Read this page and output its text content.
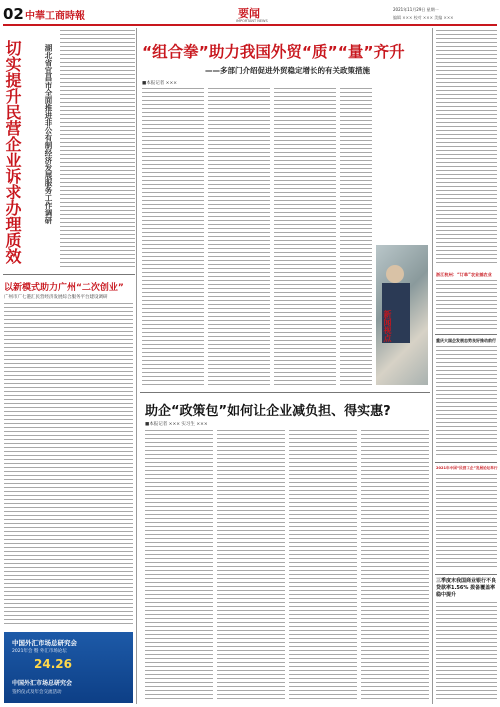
02 中華工商時報	要闻
IMPORTANT NEWS
2021年11月29日 星期一
编辑 ××× 校对 ××× 美编 ×××
切实提升民营企业诉求办理质效	湖北省宜昌市全面推进非公有制经济发展服务工作调研
以新模式助力广州“二次创业”
广州市广七港汇民营经济发展综合服务平台建设调研
中国外汇市场总研究会
2021年会 暨 外汇市场论坛
24.26
中国外汇市场总研究会
签约仪式及年会交流活动
“组合拳”助力我国外贸“质”“量”齐升
——多部门介绍促进外贸稳定增长的有关政策措施
■本报记者 ×××
新闻视点
助企“政策包”如何让企业减负担、得实惠?
■本报记者 ××× 实习生 ×××
浙江杭州：“订单”农业插农业
重庆大国企发展态势良好推动前行
2021年中国“民营工企”发展论坛举行
三季度末我国商业银行不良贷款率1.56% 拨备覆盖率稳中提升
